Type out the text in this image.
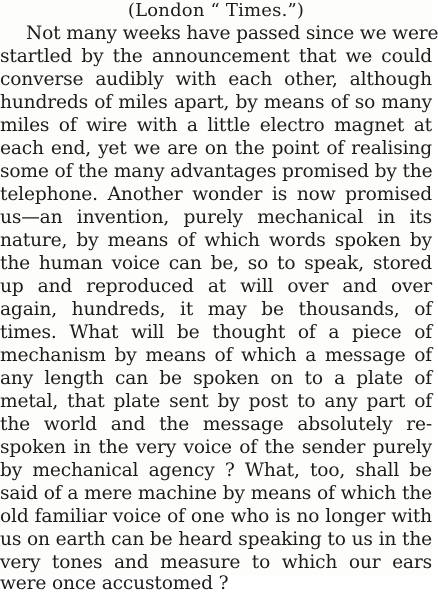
(London “ Times.”)
Not many weeks have passed since we were
startled by the announcement that we could
converse audibly with each other, although
hundreds of miles apart, by means of so many
miles of wire with a little electro magnet at
each end, yet we are on the point of realising
some of the many advantages promised by the
telephone. Another wonder is now promised
us—an invention, purely mechanical in its
nature, by means of which words spoken by
the human voice can be, so to speak, stored
up and reproduced at will over and over
again, hundreds, it may be thousands, of
times. What will be thought of a piece of
mechanism by means of which a message of
any length can be spoken on to a plate of
metal, that plate sent by post to any part of
the world and the message absolutely re-
spoken in the very voice of the sender purely
by mechanical agency ? What, too, shall be
said of a mere machine by means of which the
old familiar voice of one who is no longer with
us on earth can be heard speaking to us in the
very tones and measure to which our ears
were once accustomed ?
